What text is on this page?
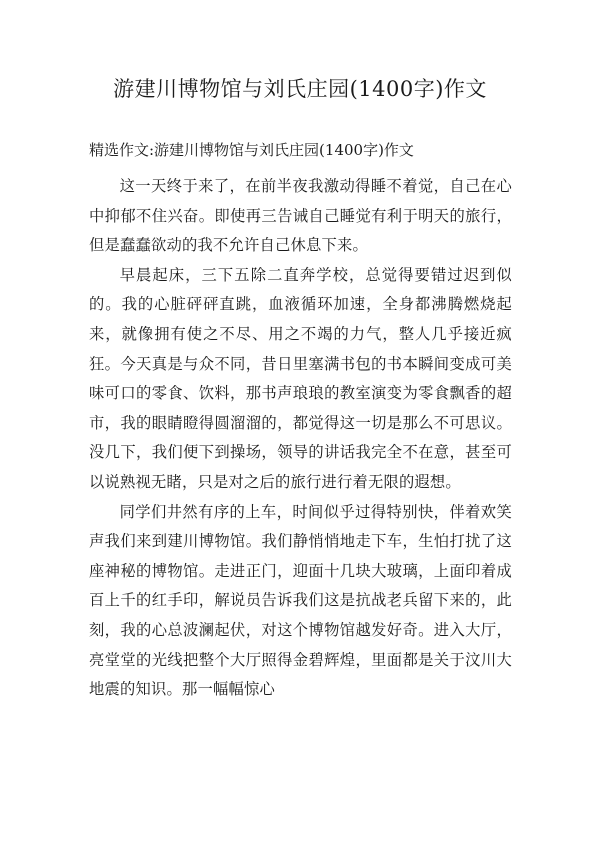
游建川博物馆与刘氏庄园(1400字)作文

精选作文:游建川博物馆与刘氏庄园(1400字)作文

这一天终于来了，在前半夜我激动得睡不着觉，自己在心中抑郁不住兴奋。即使再三告诫自己睡觉有利于明天的旅行，但是蠢蠢欲动的我不允许自己休息下来。

早晨起床，三下五除二直奔学校，总觉得要错过迟到似的。我的心脏砰砰直跳，血液循环加速，全身都沸腾燃烧起来，就像拥有使之不尽、用之不竭的力气，整人几乎接近疯狂。今天真是与众不同，昔日里塞满书包的书本瞬间变成可美味可口的零食、饮料，那书声琅琅的教室演变为零食飘香的超市，我的眼睛瞪得圆溜溜的，都觉得这一切是那么不可思议。没几下，我们便下到操场，领导的讲话我完全不在意，甚至可以说熟视无睹，只是对之后的旅行进行着无限的遐想。

同学们井然有序的上车，时间似乎过得特别快，伴着欢笑声我们来到建川博物馆。我们静悄悄地走下车，生怕打扰了这座神秘的博物馆。走进正门，迎面十几块大玻璃，上面印着成百上千的红手印，解说员告诉我们这是抗战老兵留下来的，此刻，我的心总波澜起伏，对这个博物馆越发好奇。进入大厅，亮堂堂的光线把整个大厅照得金碧辉煌，里面都是关于汶川大地震的知识。那一幅幅惊心
